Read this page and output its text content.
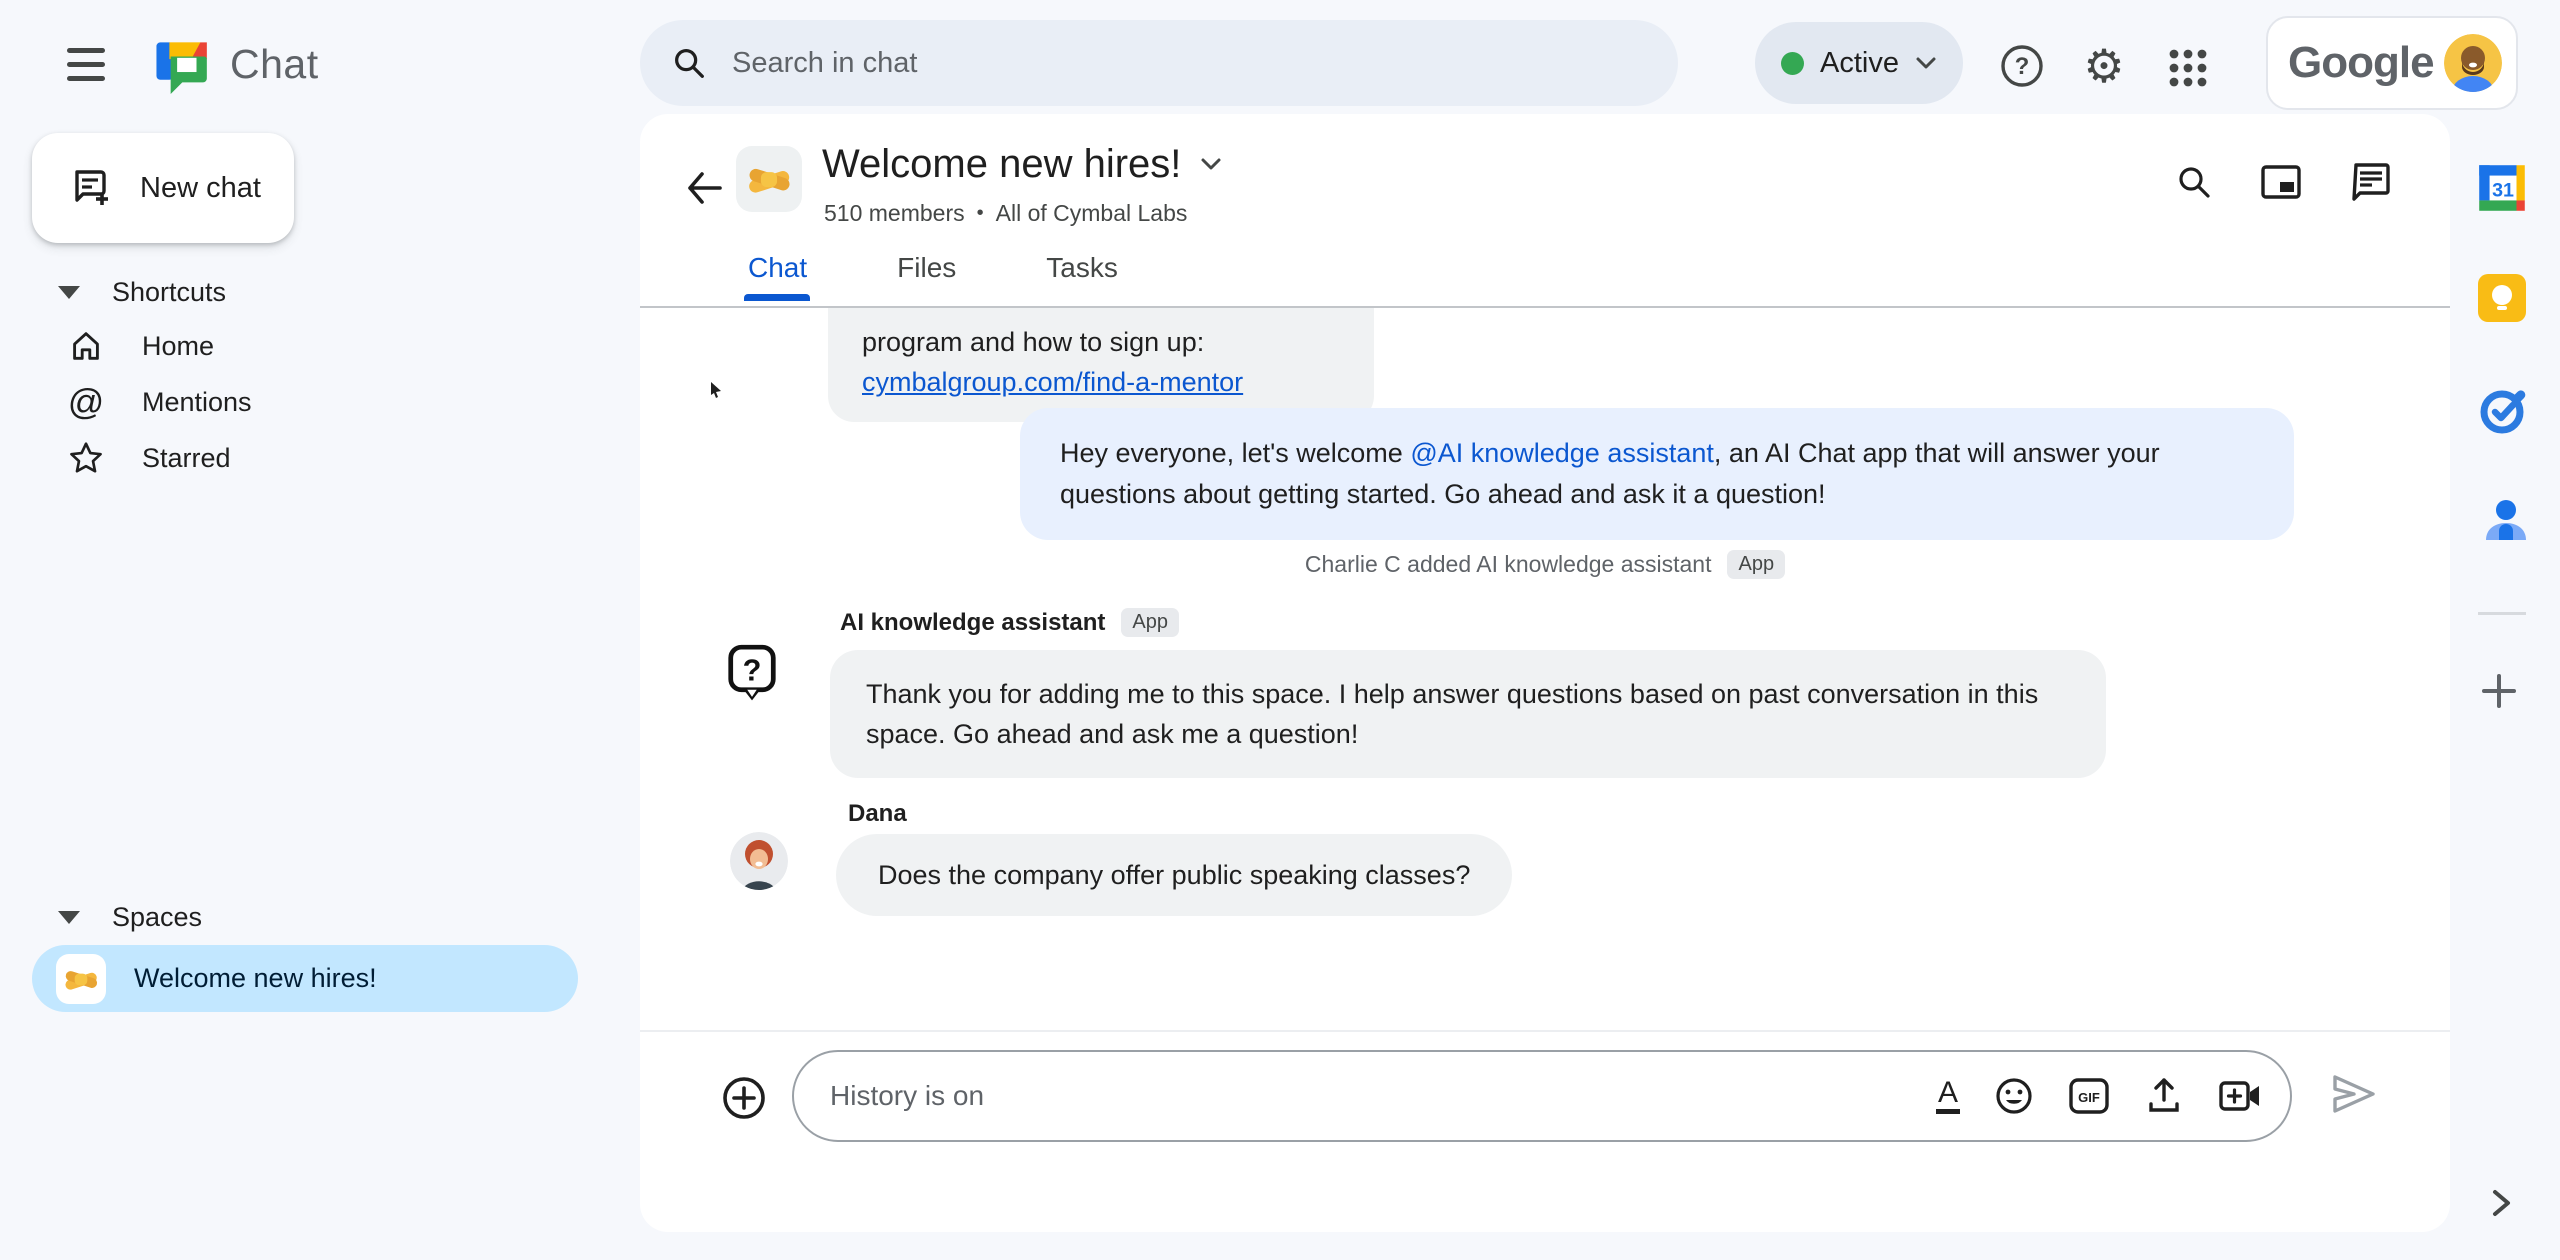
Chat	Search in chat	Active	? ⚙	Google
New chat
Shortcuts
Home
@ Mentions
Starred
Spaces
Welcome new hires!
Welcome new hires!
510 members • All of Cymbal Labs
Chat	Files	Tasks
program and how to sign up:
cymbalgroup.com/find-a-mentor
Hey everyone, let's welcome @AI knowledge assistant, an AI Chat app that will answer your questions about getting started. Go ahead and ask it a question!
Charlie C added AI knowledge assistant	App
AI knowledge assistant	App
?
Thank you for adding me to this space. I help answer questions based on past conversation in this space. Go ahead and ask me a question!
Dana
Does the company offer public speaking classes?
History is on	A	GIF
31
